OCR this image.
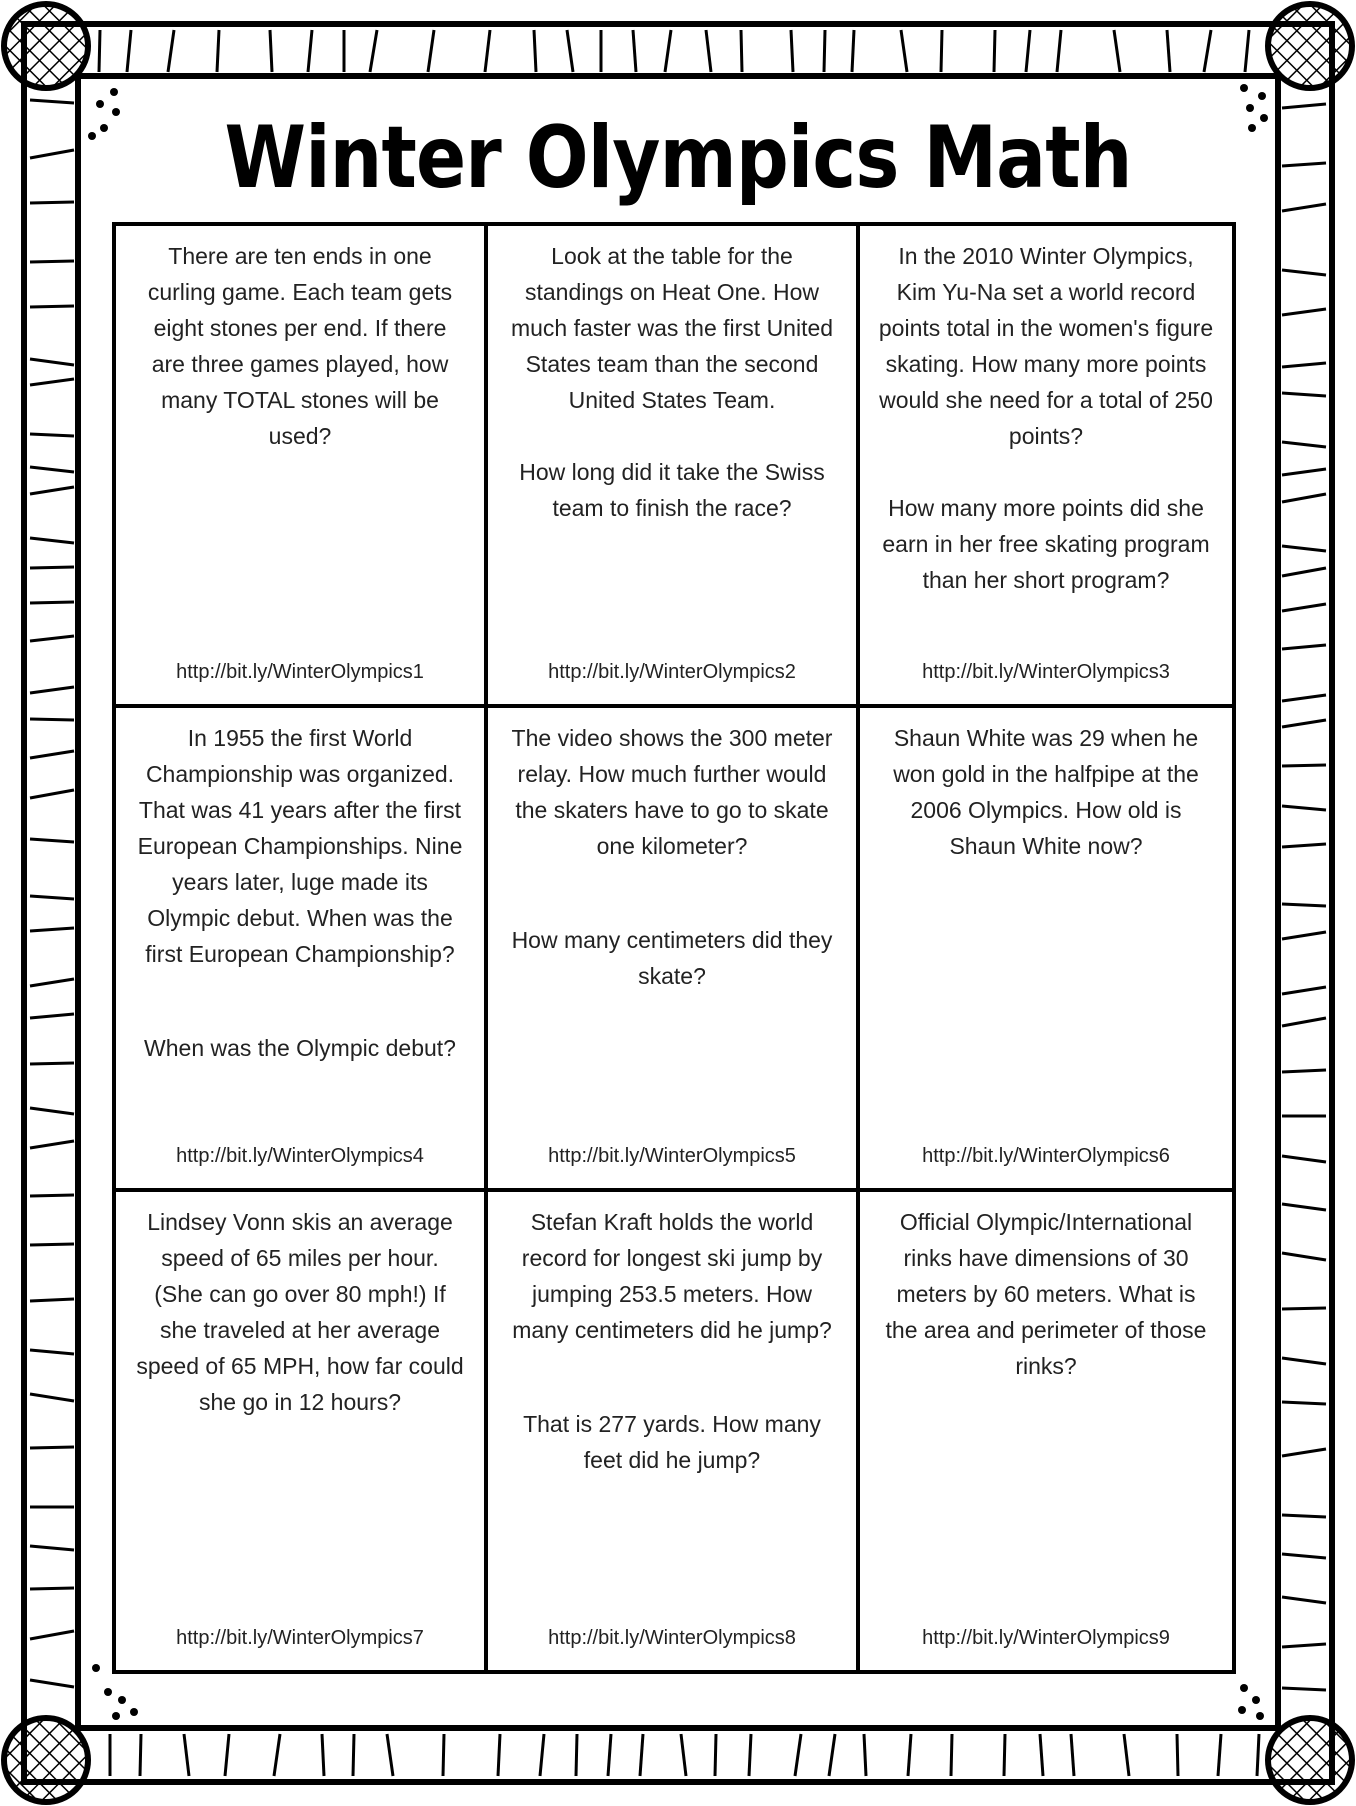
Winter Olympics Math

There are ten ends in one curling game. Each team gets eight stones per end. If there are three games played, how many TOTAL stones will be used?

http://bit.ly/WinterOlympics1

Look at the table for the standings on Heat One. How much faster was the first United States team than the second United States Team.

How long did it take the Swiss team to finish the race?

http://bit.ly/WinterOlympics2

In the 2010 Winter Olympics, Kim Yu-Na set a world record points total in the women's figure skating. How many more points would she need for a total of 250 points?

How many more points did she earn in her free skating program than her short program?

http://bit.ly/WinterOlympics3

In 1955 the first World Championship was organized. That was 41 years after the first European Championships. Nine years later, luge made its Olympic debut. When was the first European Championship?

When was the Olympic debut?

http://bit.ly/WinterOlympics4

The video shows the 300 meter relay. How much further would the skaters have to go to skate one kilometer?

How many centimeters did they skate?

http://bit.ly/WinterOlympics5

Shaun White was 29 when he won gold in the halfpipe at the 2006 Olympics. How old is Shaun White now?

http://bit.ly/WinterOlympics6

Lindsey Vonn skis an average speed of 65 miles per hour. (She can go over 80 mph!) If she traveled at her average speed of 65 MPH, how far could she go in 12 hours?

http://bit.ly/WinterOlympics7

Stefan Kraft holds the world record for longest ski jump by jumping 253.5 meters. How many centimeters did he jump?

That is 277 yards. How many feet did he jump?

http://bit.ly/WinterOlympics8

Official Olympic/International rinks have dimensions of 30 meters by 60 meters. What is the area and perimeter of those rinks?

http://bit.ly/WinterOlympics9
